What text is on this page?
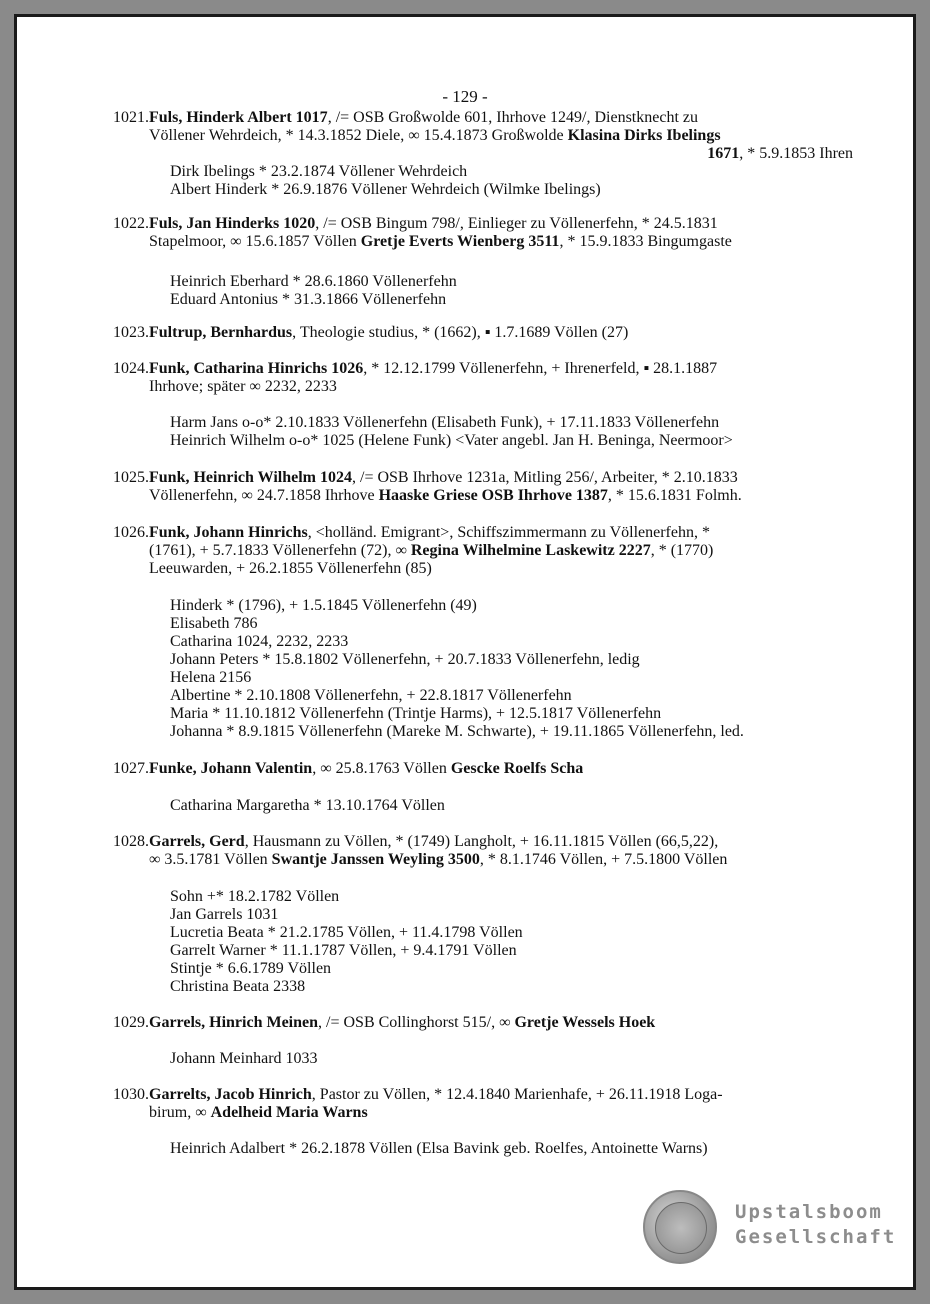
- 129 -
1021. Fuls, Hinderk Albert 1017, /= OSB Großwolde 601, Ihrhove 1249/, Dienstknecht zu
Völlener Wehrdeich, * 14.3.1852 Diele, ∞ 15.4.1873 Großwolde Klasina Dirks Ibelings
1671, * 5.9.1853 Ihren
Dirk Ibelings * 23.2.1874 Völlener Wehrdeich
Albert Hinderk * 26.9.1876 Völlener Wehrdeich (Wilmke Ibelings)
1022. Fuls, Jan Hinderks 1020, /= OSB Bingum 798/, Einlieger zu Völlenerfehn, * 24.5.1831
Stapelmoor, ∞ 15.6.1857 Völlen Gretje Everts Wienberg 3511, * 15.9.1833 Bingumgaste
Heinrich Eberhard * 28.6.1860 Völlenerfehn
Eduard Antonius * 31.3.1866 Völlenerfehn
1023. Fultrup, Bernhardus, Theologie studius, * (1662), ▪ 1.7.1689 Völlen (27)
1024. Funk, Catharina Hinrichs 1026, * 12.12.1799 Völlenerfehn, + Ihrenerfeld, ▪ 28.1.1887
Ihrhove; später ∞ 2232, 2233
Harm Jans o-o* 2.10.1833 Völlenerfehn (Elisabeth Funk), + 17.11.1833 Völlenerfehn
Heinrich Wilhelm o-o* 1025 (Helene Funk) <Vater angebl. Jan H. Beninga, Neermoor>
1025. Funk, Heinrich Wilhelm 1024, /= OSB Ihrhove 1231a, Mitling 256/, Arbeiter, * 2.10.1833
Völlenerfehn, ∞ 24.7.1858 Ihrhove Haaske Griese OSB Ihrhove 1387, * 15.6.1831 Folmh.
1026. Funk, Johann Hinrichs, <holländ. Emigrant>, Schiffszimmermann zu Völlenerfehn, *
(1761), + 5.7.1833 Völlenerfehn (72), ∞ Regina Wilhelmine Laskewitz 2227, * (1770)
Leeuwarden, + 26.2.1855 Völlenerfehn (85)
Hinderk * (1796), + 1.5.1845 Völlenerfehn (49)
Elisabeth 786
Catharina 1024, 2232, 2233
Johann Peters * 15.8.1802 Völlenerfehn, + 20.7.1833 Völlenerfehn, ledig
Helena 2156
Albertine * 2.10.1808 Völlenerfehn, + 22.8.1817 Völlenerfehn
Maria * 11.10.1812 Völlenerfehn (Trintje Harms), + 12.5.1817 Völlenerfehn
Johanna * 8.9.1815 Völlenerfehn (Mareke M. Schwarte), + 19.11.1865 Völlenerfehn, led.
1027. Funke, Johann Valentin, ∞ 25.8.1763 Völlen Gescke Roelfs Scha
Catharina Margaretha * 13.10.1764 Völlen
1028. Garrels, Gerd, Hausmann zu Völlen, * (1749) Langholt, + 16.11.1815 Völlen (66,5,22),
∞ 3.5.1781 Völlen Swantje Janssen Weyling 3500, * 8.1.1746 Völlen, + 7.5.1800 Völlen
Sohn +* 18.2.1782 Völlen
Jan Garrels 1031
Lucretia Beata * 21.2.1785 Völlen, + 11.4.1798 Völlen
Garrelt Warner * 11.1.1787 Völlen, + 9.4.1791 Völlen
Stintje * 6.6.1789 Völlen
Christina Beata 2338
1029. Garrels, Hinrich Meinen, /= OSB Collinghorst 515/, ∞ Gretje Wessels Hoek
Johann Meinhard 1033
1030. Garrelts, Jacob Hinrich, Pastor zu Völlen, * 12.4.1840 Marienhafe, + 26.11.1918 Loga-
birum, ∞ Adelheid Maria Warns
Heinrich Adalbert * 26.2.1878 Völlen (Elsa Bavink geb. Roelfes, Antoinette Warns)
Upstalsboom
Gesellschaft
